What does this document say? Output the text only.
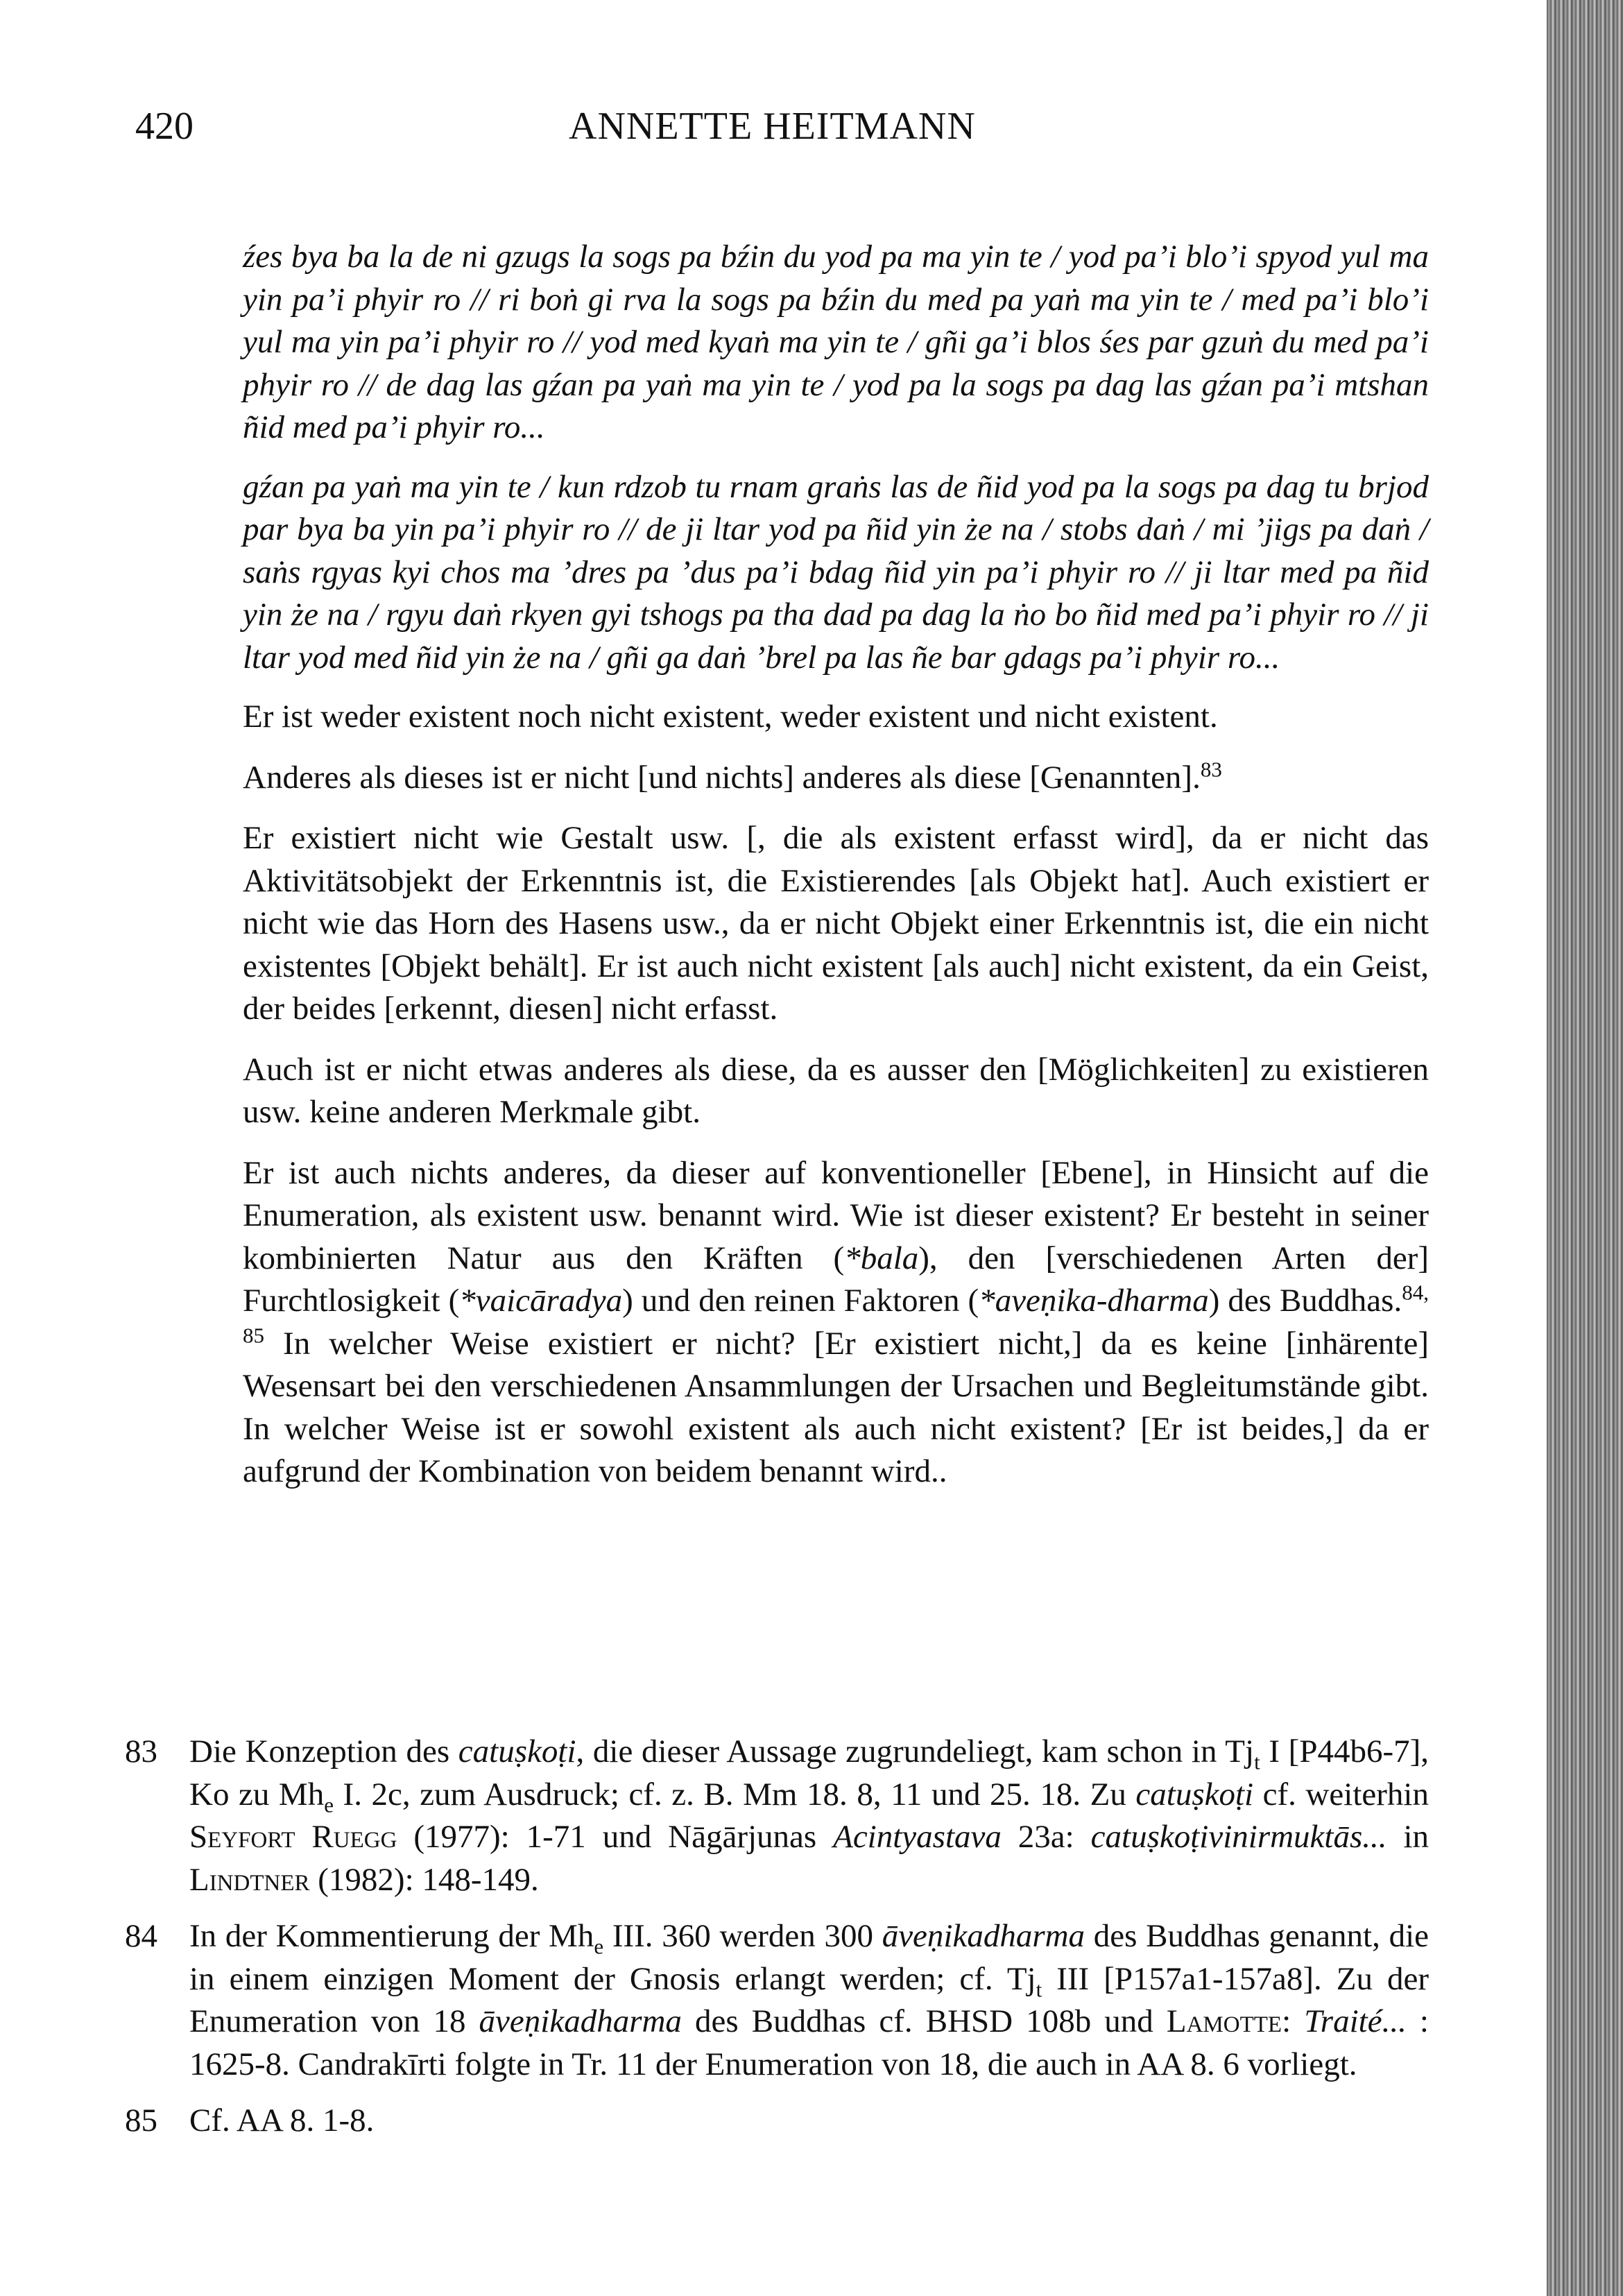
420	ANNETTE HEITMANN

źes bya ba la de ni gzugs la sogs pa bźin du yod pa ma yin te / yod pa’i blo’i spyod yul ma yin pa’i phyir ro // ri boṅ gi rva la sogs pa bźin du med pa yaṅ ma yin te / med pa’i blo’i yul ma yin pa’i phyir ro // yod med kyaṅ ma yin te / gñi ga’i blos śes par gzuṅ du med pa’i phyir ro // de dag las gźan pa yaṅ ma yin te / yod pa la sogs pa dag las gźan pa’i mtshan ñid med pa’i phyir ro...

gźan pa yaṅ ma yin te / kun rdzob tu rnam graṅs las de ñid yod pa la sogs pa dag tu brjod par bya ba yin pa’i phyir ro // de ji ltar yod pa ñid yin że na / stobs daṅ / mi ’jigs pa daṅ / saṅs rgyas kyi chos ma ’dres pa ’dus pa’i bdag ñid yin pa’i phyir ro // ji ltar med pa ñid yin że na / rgyu daṅ rkyen gyi tshogs pa tha dad pa dag la ṅo bo ñid med pa’i phyir ro // ji ltar yod med ñid yin że na / gñi ga daṅ ’brel pa las ñe bar gdags pa’i phyir ro...

Er ist weder existent noch nicht existent, weder existent und nicht existent.

Anderes als dieses ist er nicht [und nichts] anderes als diese [Genannten].$^{83}$

Er existiert nicht wie Gestalt usw. [, die als existent erfasst wird], da er nicht das Aktivitätsobjekt der Erkenntnis ist, die Existierendes [als Objekt hat]. Auch existiert er nicht wie das Horn des Hasens usw., da er nicht Objekt einer Erkenntnis ist, die ein nicht existentes [Objekt behält]. Er ist auch nicht existent [als auch] nicht existent, da ein Geist, der beides [erkennt, diesen] nicht erfasst.

Auch ist er nicht etwas anderes als diese, da es ausser den [Möglichkeiten] zu existieren usw. keine anderen Merkmale gibt.

Er ist auch nichts anderes, da dieser auf konventioneller [Ebene], in Hinsicht auf die Enumeration, als existent usw. benannt wird. Wie ist dieser existent? Er besteht in seiner kombinierten Natur aus den Kräften (*bala), den [verschiedenen Arten der] Furchtlosigkeit (*vaicāradya) und den reinen Faktoren (*aveṇika-dharma) des Buddhas.$^{84, 85}$ In welcher Weise existiert er nicht? [Er existiert nicht,] da es keine [inhärente] Wesensart bei den verschiedenen Ansammlungen der Ursachen und Begleitumstände gibt. In welcher Weise ist er sowohl existent als auch nicht existent? [Er ist beides,] da er aufgrund der Kombination von beidem benannt wird..

83 Die Konzeption des catuṣkoṭi, die dieser Aussage zugrundeliegt, kam schon in $Tj_t$ I [P44b6-7], Ko zu $Mh_e$ I. 2c, zum Ausdruck; cf. z. B. Mm 18. 8, 11 und 25. 18. Zu catuṣkoṭi cf. weiterhin Seyfort Ruegg (1977): 1-71 und Nāgārjunas Acintyastava 23a: catuṣkoṭivinirmuktās... in Lindtner (1982): 148-149.
84 In der Kommentierung der $Mh_e$ III. 360 werden 300 āveṇikadharma des Buddhas genannt, die in einem einzigen Moment der Gnosis erlangt werden; cf. $Tj_t$ III [P157a1-157a8]. Zu der Enumeration von 18 āveṇikadharma des Buddhas cf. BHSD 108b und Lamotte: Traité... : 1625-8. Candrakīrti folgte in Tr. 11 der Enumeration von 18, die auch in AA 8. 6 vorliegt.
85 Cf. AA 8. 1-8.
